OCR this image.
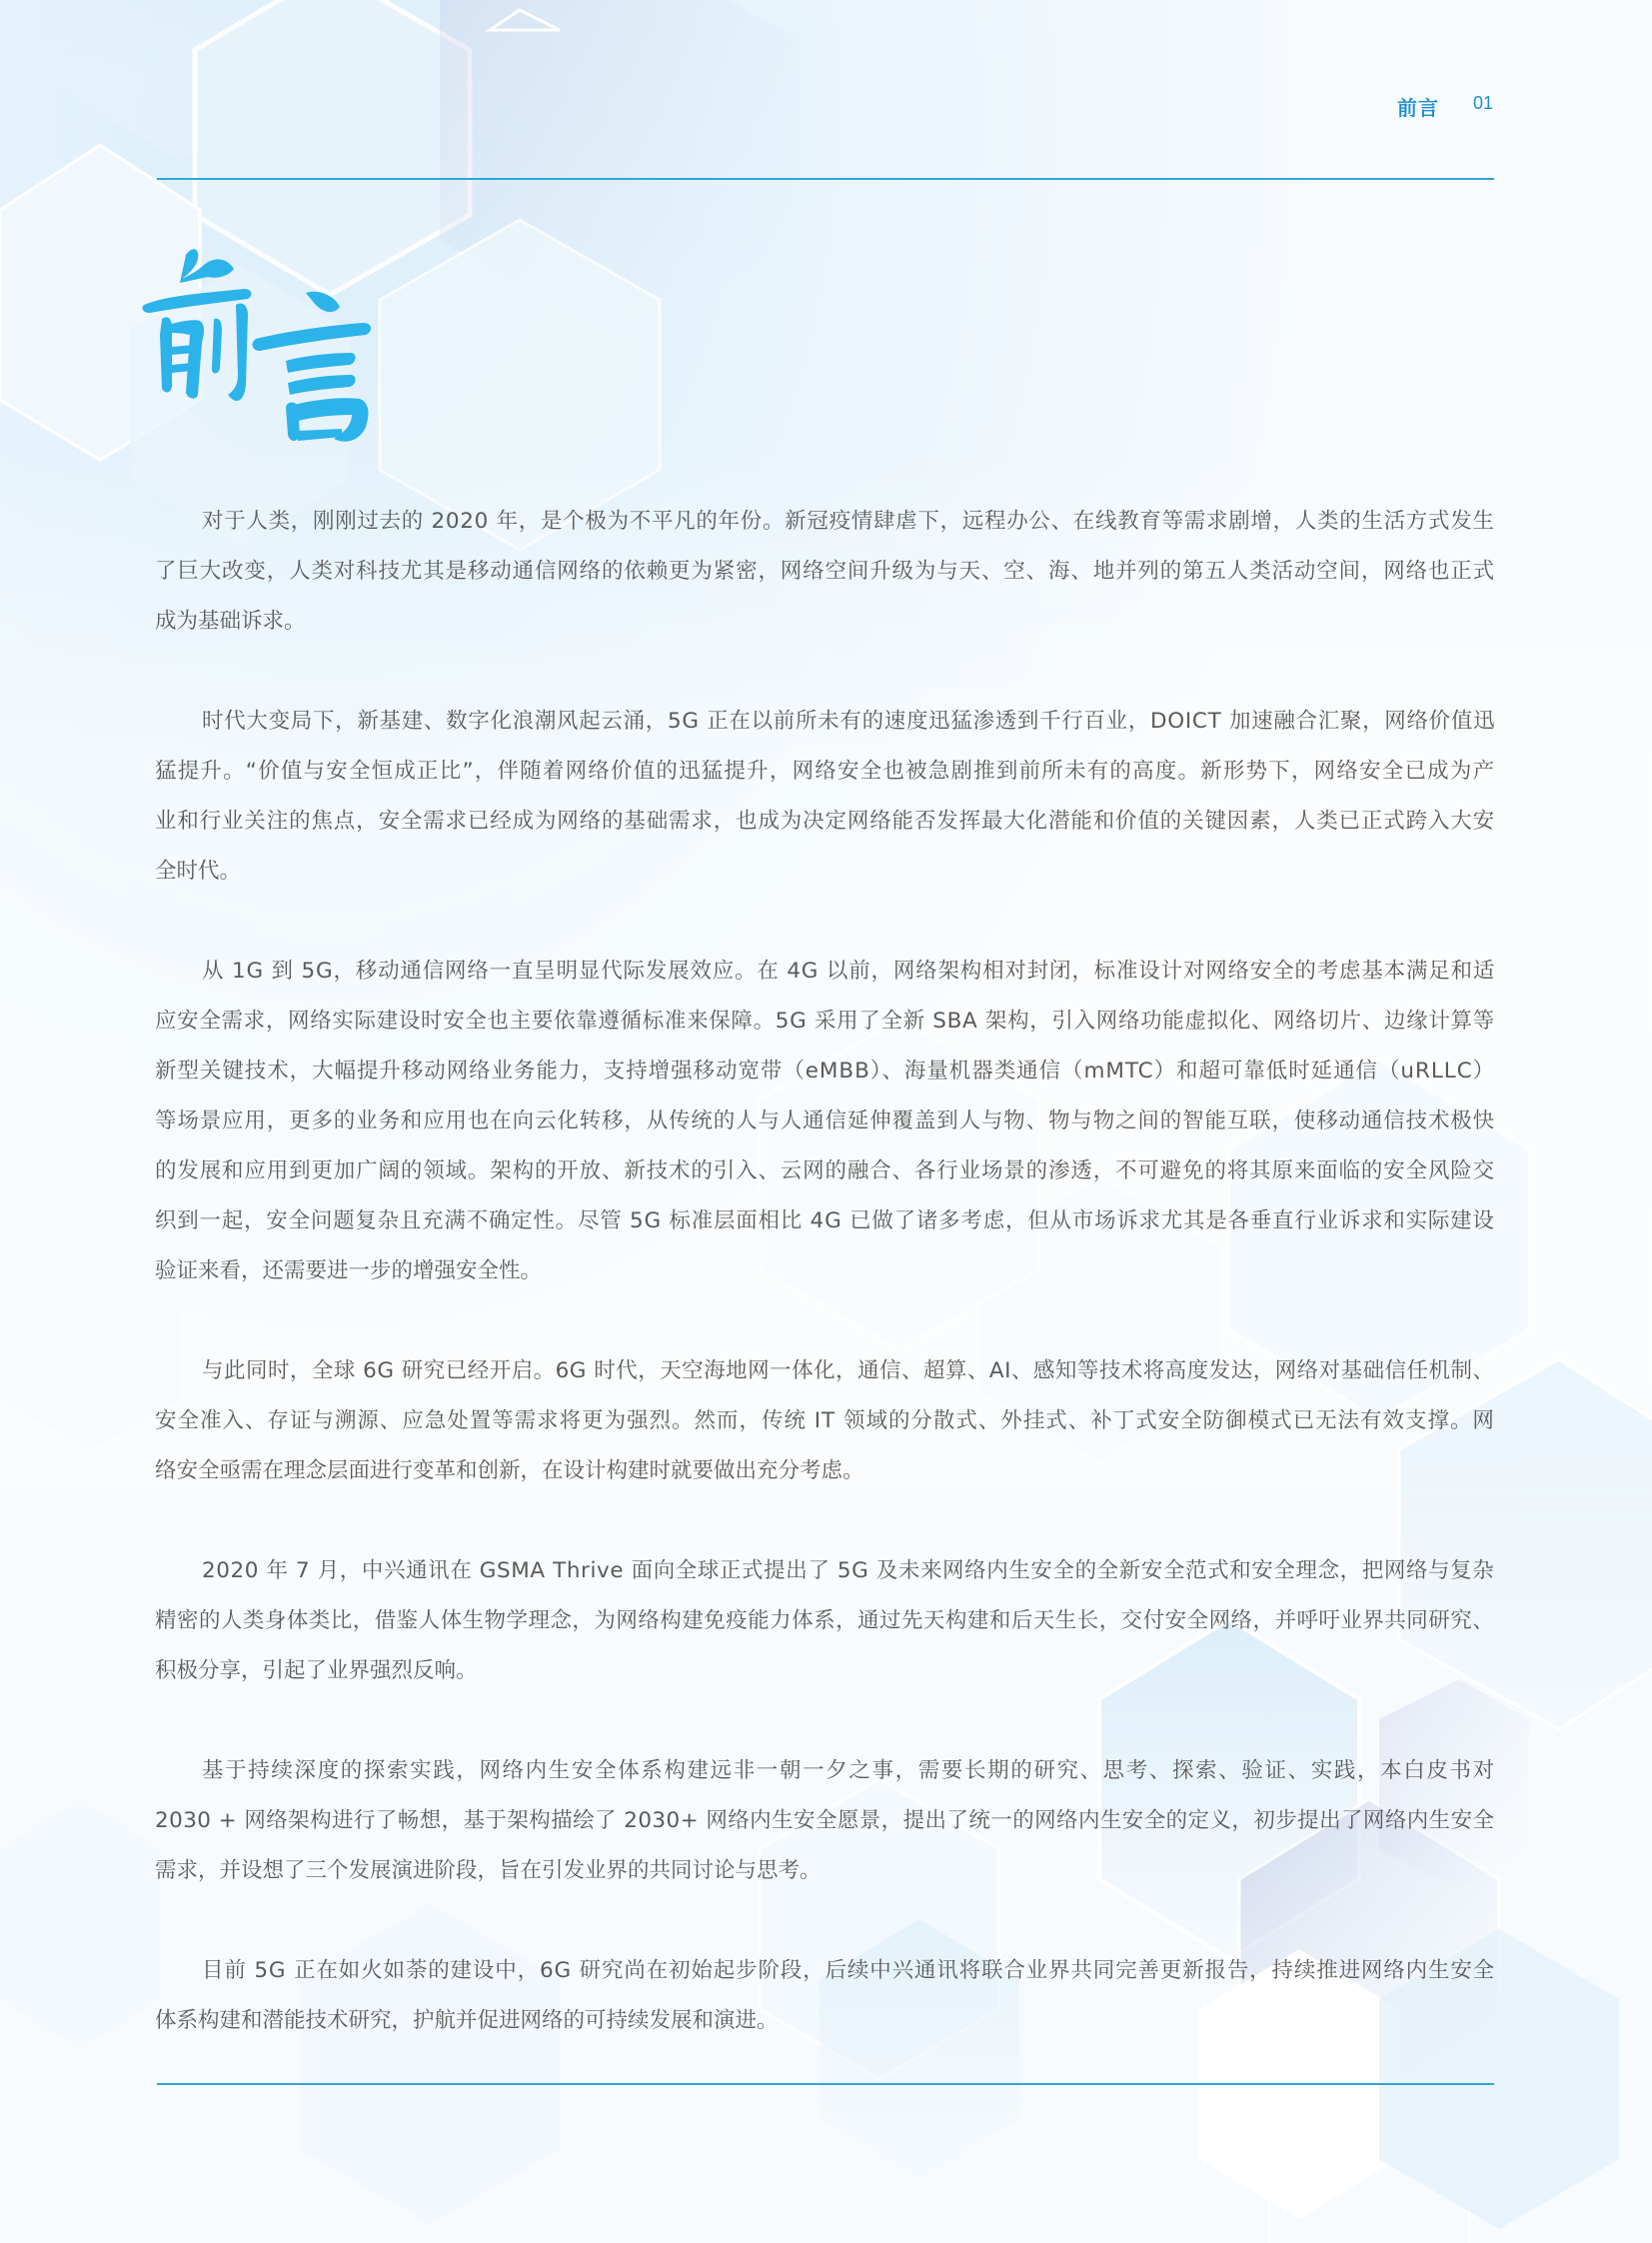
前言 01
对于人类，刚刚过去的 2020 年，是个极为不平凡的年份。新冠疫情肆虐下，远程办公、在线教育等需求剧增，人类的生活方式发生
了巨大改变，人类对科技尤其是移动通信网络的依赖更为紧密，网络空间升级为与天、空、海、地并列的第五人类活动空间，网络也正式
成为基础诉求。
时代大变局下，新基建、数字化浪潮风起云涌，5G 正在以前所未有的速度迅猛渗透到千行百业，DOICT 加速融合汇聚，网络价值迅
猛提升。“价值与安全恒成正比”，伴随着网络价值的迅猛提升，网络安全也被急剧推到前所未有的高度。新形势下，网络安全已成为产
业和行业关注的焦点，安全需求已经成为网络的基础需求，也成为决定网络能否发挥最大化潜能和价值的关键因素，人类已正式跨入大安
全时代。
从 1G 到 5G，移动通信网络一直呈明显代际发展效应。在 4G 以前，网络架构相对封闭，标准设计对网络安全的考虑基本满足和适
应安全需求，网络实际建设时安全也主要依靠遵循标准来保障。5G 采用了全新 SBA 架构，引入网络功能虚拟化、网络切片、边缘计算等
新型关键技术，大幅提升移动网络业务能力，支持增强移动宽带（eMBB）、海量机器类通信（mMTC）和超可靠低时延通信（uRLLC）
等场景应用，更多的业务和应用也在向云化转移，从传统的人与人通信延伸覆盖到人与物、物与物之间的智能互联，使移动通信技术极快
的发展和应用到更加广阔的领域。架构的开放、新技术的引入、云网的融合、各行业场景的渗透，不可避免的将其原来面临的安全风险交
织到一起，安全问题复杂且充满不确定性。尽管 5G 标准层面相比 4G 已做了诸多考虑，但从市场诉求尤其是各垂直行业诉求和实际建设
验证来看，还需要进一步的增强安全性。
与此同时，全球 6G 研究已经开启。6G 时代，天空海地网一体化，通信、超算、AI、感知等技术将高度发达，网络对基础信任机制、
安全准入、存证与溯源、应急处置等需求将更为强烈。然而，传统 IT 领域的分散式、外挂式、补丁式安全防御模式已无法有效支撑。网
络安全亟需在理念层面进行变革和创新，在设计构建时就要做出充分考虑。
2020 年 7 月，中兴通讯在 GSMA Thrive 面向全球正式提出了 5G 及未来网络内生安全的全新安全范式和安全理念，把网络与复杂
精密的人类身体类比，借鉴人体生物学理念，为网络构建免疫能力体系，通过先天构建和后天生长，交付安全网络，并呼吁业界共同研究、
积极分享，引起了业界强烈反响。
基于持续深度的探索实践，网络内生安全体系构建远非一朝一夕之事，需要长期的研究、思考、探索、验证、实践，本白皮书对
2030 + 网络架构进行了畅想，基于架构描绘了 2030+ 网络内生安全愿景，提出了统一的网络内生安全的定义，初步提出了网络内生安全
需求，并设想了三个发展演进阶段，旨在引发业界的共同讨论与思考。
目前 5G 正在如火如荼的建设中，6G 研究尚在初始起步阶段，后续中兴通讯将联合业界共同完善更新报告，持续推进网络内生安全
体系构建和潜能技术研究，护航并促进网络的可持续发展和演进。
